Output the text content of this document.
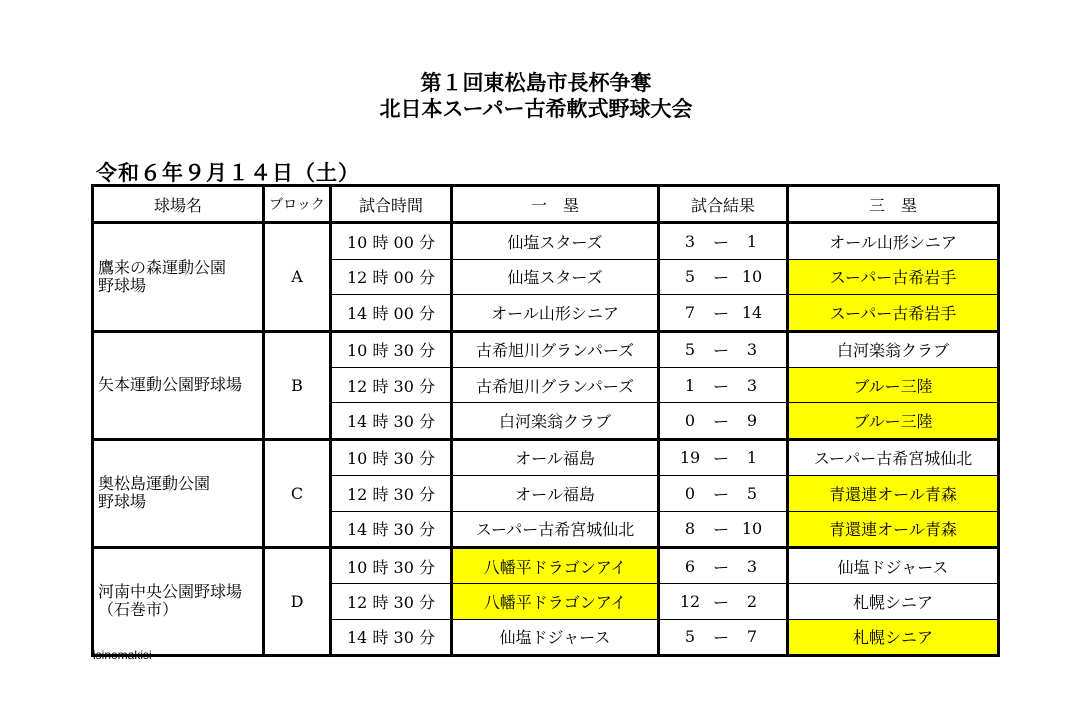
第１回東松島市長杯争奪
北日本スーパー古希軟式野球大会
令和６年９月１４日（土）
球場名	ブロック	試合時間	一　塁	試合結果	三　塁

鷹来の森運動公園
野球場	A	10 時 00 分	仙塩スターズ	3 ー 1	オール山形シニア
		12 時 00 分	仙塩スターズ	5 ー 10	スーパー古希岩手
		14 時 00 分	オール山形シニア	7 ー 14	スーパー古希岩手

矢本運動公園野球場	B	10 時 30 分	古希旭川グランパーズ	5 ー 3	白河楽翁クラブ
		12 時 30 分	古希旭川グランパーズ	1 ー 3	ブルー三陸
		14 時 30 分	白河楽翁クラブ	0 ー 9	ブルー三陸

奥松島運動公園
野球場	C	10 時 30 分	オール福島	19 ー 1	スーパー古希宮城仙北
		12 時 30 分	オール福島	0 ー 5	青還連オール青森
		14 時 30 分	スーパー古希宮城仙北	8 ー 10	青還連オール青森

河南中央公園野球場
（石巻市）	D	10 時 30 分	八幡平ドラゴンアイ	6 ー 3	仙塩ドジャース
		12 時 30 分	八幡平ドラゴンアイ	12 ー 2	札幌シニア
		14 時 30 分	仙塩ドジャース	5 ー 7	札幌シニア
isinomakisi
